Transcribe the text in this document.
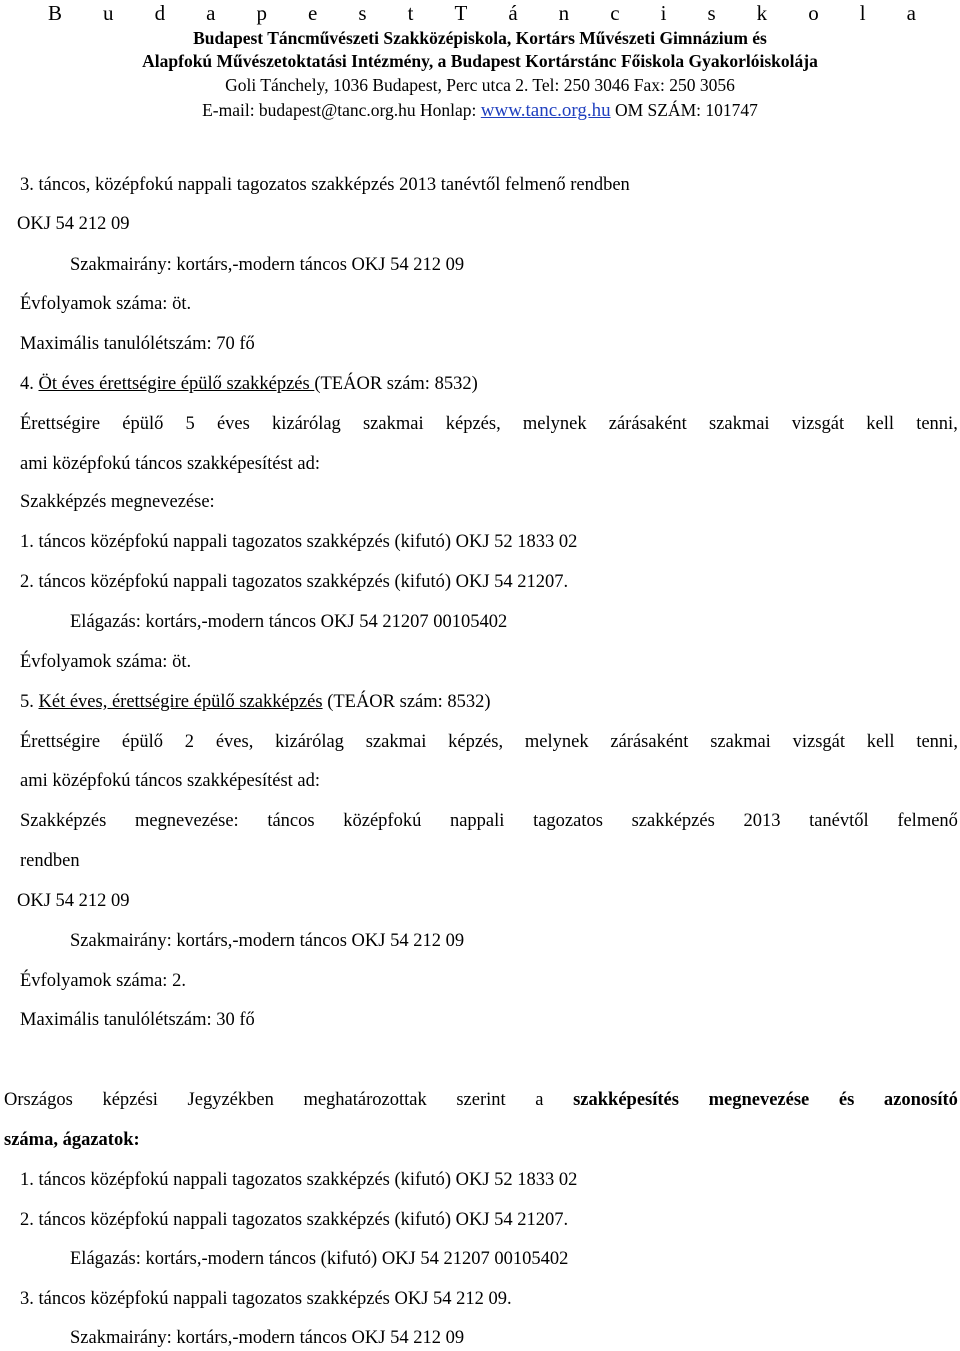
B u d a p e s t T á n c i s k o l a
Budapest Táncművészeti Szakközépiskola, Kortárs Művészeti Gimnázium és
Alapfokú Művészetoktatási Intézmény, a Budapest Kortárstánc Főiskola Gyakorlóiskolája
Goli Tánchely, 1036 Budapest, Perc utca 2. Tel: 250 3046 Fax: 250 3056
E-mail: budapest@tanc.org.hu Honlap: www.tanc.org.hu OM SZÁM: 101747
3. táncos, középfokú nappali tagozatos szakképzés 2013 tanévtől felmenő rendben
OKJ 54 212 09
Szakmairány: kortárs,-modern táncos OKJ 54 212 09
Évfolyamok száma: öt.
Maximális tanulólétszám: 70 fő
4. Öt éves érettségire épülő szakképzés (TEÁOR szám: 8532)
Érettségire épülő 5 éves kizárólag szakmai képzés, melynek zárásaként szakmai vizsgát kell tenni,
ami középfokú táncos szakképesítést ad:
Szakképzés megnevezése:
1. táncos középfokú nappali tagozatos szakképzés (kifutó) OKJ 52 1833 02
2. táncos középfokú nappali tagozatos szakképzés (kifutó) OKJ 54 21207.
Elágazás: kortárs,-modern táncos OKJ 54 21207 00105402
Évfolyamok száma: öt.
5. Két éves, érettségire épülő szakképzés (TEÁOR szám: 8532)
Érettségire épülő 2 éves, kizárólag szakmai képzés, melynek zárásaként szakmai vizsgát kell tenni,
ami középfokú táncos szakképesítést ad:
Szakképzés megnevezése: táncos középfokú nappali tagozatos szakképzés 2013 tanévtől felmenő
rendben
OKJ 54 212 09
Szakmairány: kortárs,-modern táncos OKJ 54 212 09
Évfolyamok száma: 2.
Maximális tanulólétszám: 30 fő
Országos képzési Jegyzékben meghatározottak szerint a szakképesítés megnevezése és azonosító
száma, ágazatok:
1. táncos középfokú nappali tagozatos szakképzés (kifutó) OKJ 52 1833 02
2. táncos középfokú nappali tagozatos szakképzés (kifutó) OKJ 54 21207.
Elágazás: kortárs,-modern táncos (kifutó) OKJ 54 21207 00105402
3. táncos középfokú nappali tagozatos szakképzés OKJ 54 212 09.
Szakmairány: kortárs,-modern táncos OKJ 54 212 09
